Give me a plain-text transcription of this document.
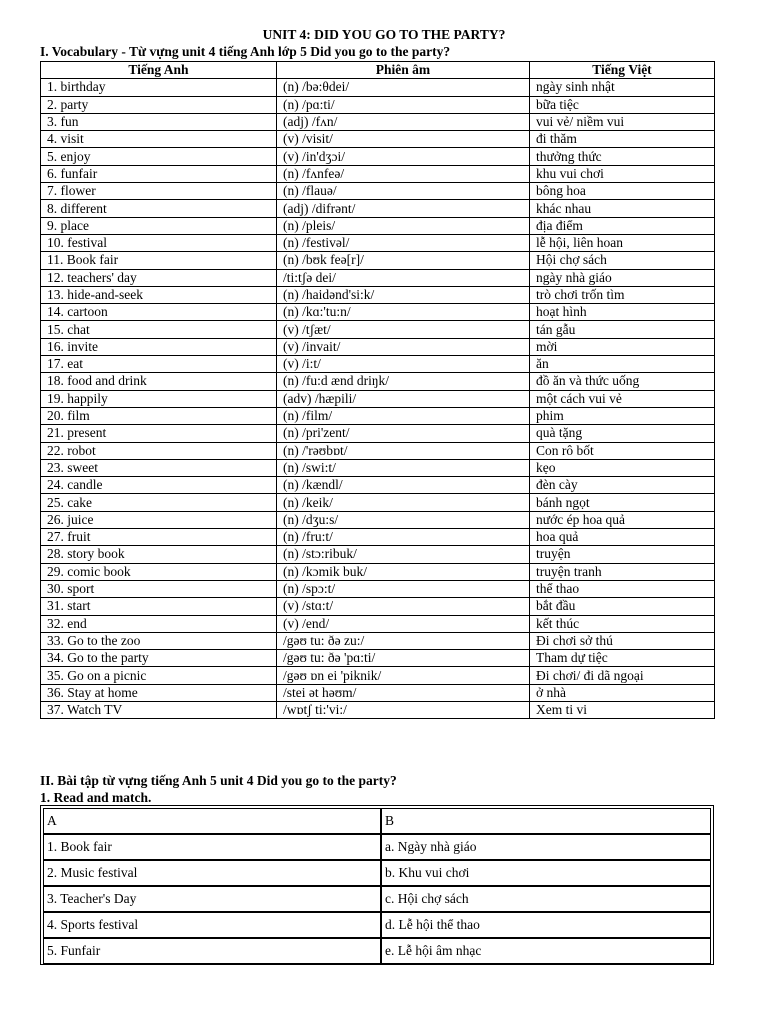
UNIT 4: DID YOU GO TO THE PARTY?
I. Vocabulary - Từ vựng unit 4 tiếng Anh lớp 5 Did you go to the party?
Tiếng Anh	Phiên âm	Tiếng Việt
1. birthday	(n) /bə:θdei/	ngày sinh nhật
2. party	(n) /pɑ:ti/	bữa tiệc
3. fun	(adj) /fʌn/	vui vẻ/ niềm vui
4. visit	(v) /visit/	đi thăm
5. enjoy	(v) /in'dʒɔi/	thưởng thức
6. funfair	(n) /fʌnfeə/	khu vui chơi
7. flower	(n) /flauə/	bông hoa
8. different	(adj) /difrənt/	khác nhau
9. place	(n) /pleis/	địa điểm
10. festival	(n) /festivəl/	lễ hội, liên hoan
11. Book fair	(n) /bʊk feə[r]/	Hội chợ sách
12. teachers' day	/ti:tʃə dei/	ngày nhà giáo
13. hide-and-seek	(n) /haidənd'si:k/	trò chơi trốn tìm
14. cartoon	(n) /kɑ:'tu:n/	hoạt hình
15. chat	(v) /tʃæt/	tán gẫu
16. invite	(v) /invait/	mời
17. eat	(v) /i:t/	ăn
18. food and drink	(n) /fu:d ænd driŋk/	đồ ăn và thức uống
19. happily	(adv) /hæpili/	một cách vui vẻ
20. film	(n) /film/	phim
21. present	(n) /pri'zent/	quà tặng
22. robot	(n) /'rəʊbɒt/	Con rô bốt
23. sweet	(n) /swi:t/	kẹo
24. candle	(n) /kændl/	đèn cày
25. cake	(n) /keik/	bánh ngọt
26. juice	(n) /dʒu:s/	nước ép hoa quả
27. fruit	(n) /fru:t/	hoa quả
28. story book	(n) /stɔ:ribuk/	truyện
29. comic book	(n) /kɔmik buk/	truyện tranh
30. sport	(n) /spɔ:t/	thể thao
31. start	(v) /stɑ:t/	bắt đầu
32. end	(v) /end/	kết thúc
33. Go to the zoo	/gəʊ tu: ðə zu:/	Đi chơi sở thú
34. Go to the party	/gəʊ tu: ðə 'pɑ:ti/	Tham dự tiệc
35. Go on a picnic	/gəʊ ɒn ei 'piknik/	Đi chơi/ đi dã ngoại
36. Stay at home	/stei ət həʊm/	ở nhà
37. Watch TV	/wɒtʃ ti:'vi:/	Xem ti vi
II. Bài tập từ vựng tiếng Anh 5 unit 4 Did you go to the party?
1. Read and match.
A	B
1. Book fair	a. Ngày nhà giáo
2. Music festival	b. Khu vui chơi
3. Teacher's Day	c. Hội chợ sách
4. Sports festival	d. Lễ hội thể thao
5. Funfair	e. Lễ hội âm nhạc
